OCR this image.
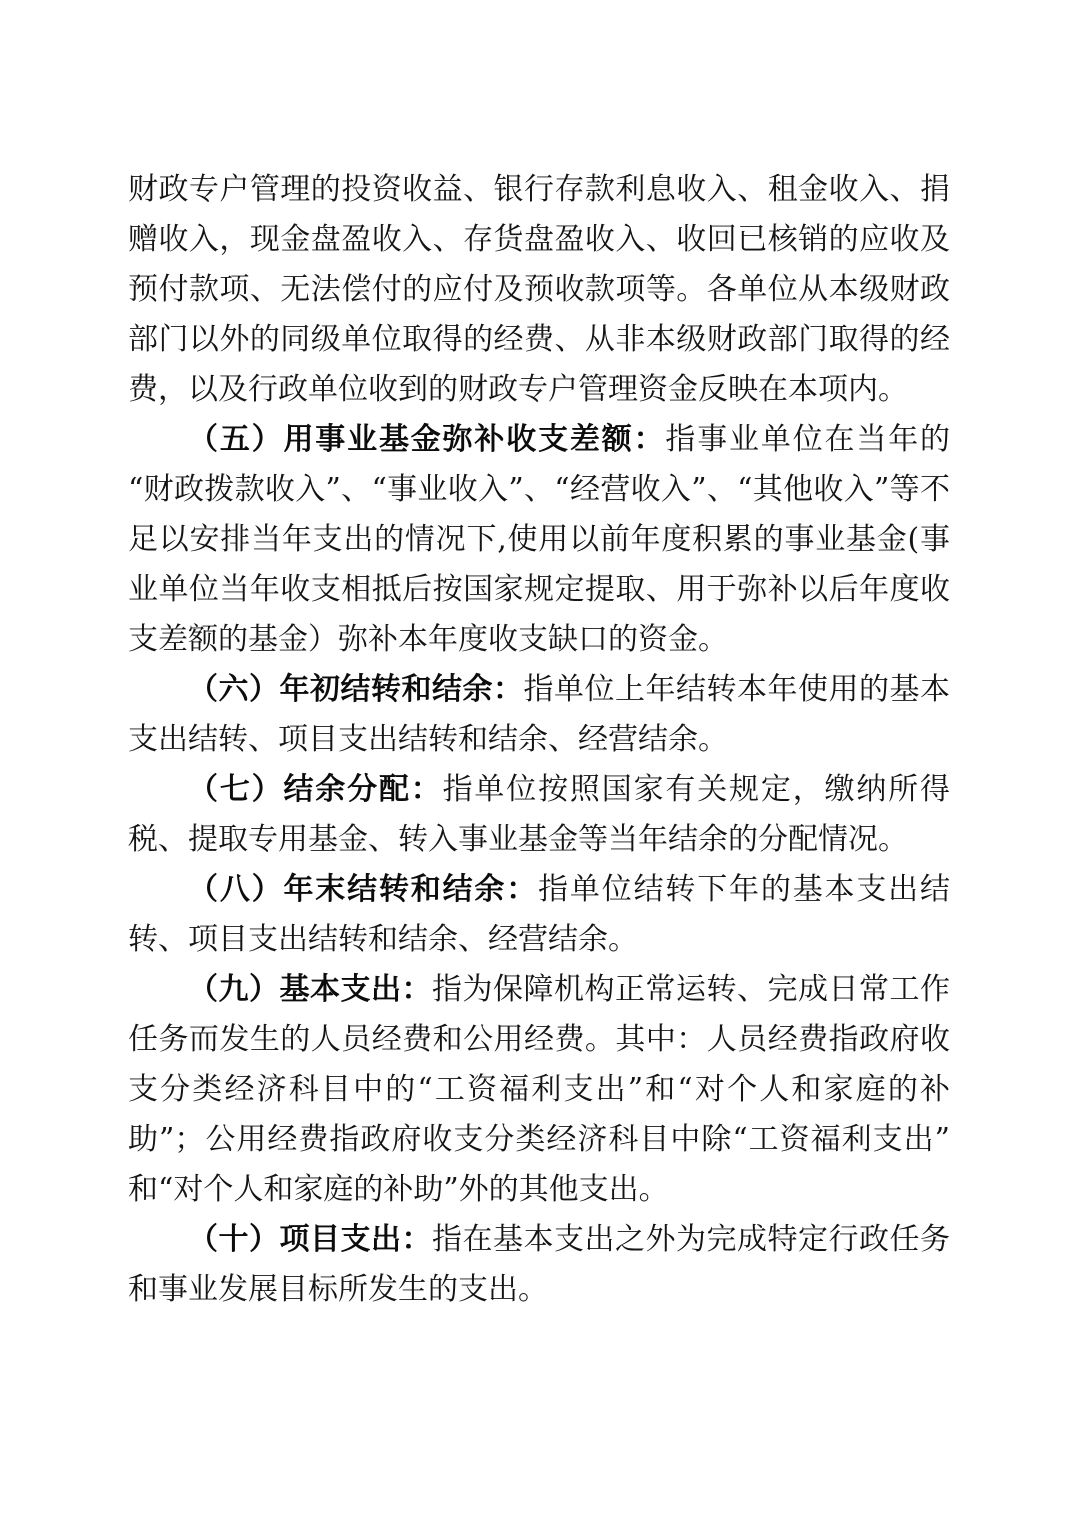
财政专户管理的投资收益、银行存款利息收入、租金收入、捐赠收入，现金盘盈收入、存货盘盈收入、收回已核销的应收及预付款项、无法偿付的应付及预收款项等。各单位从本级财政部门以外的同级单位取得的经费、从非本级财政部门取得的经费，以及行政单位收到的财政专户管理资金反映在本项内。

（五）用事业基金弥补收支差额：指事业单位在当年的“财政拨款收入”、“事业收入”、“经营收入”、“其他收入”等不足以安排当年支出的情况下,使用以前年度积累的事业基金(事业单位当年收支相抵后按国家规定提取、用于弥补以后年度收支差额的基金）弥补本年度收支缺口的资金。

（六）年初结转和结余：指单位上年结转本年使用的基本支出结转、项目支出结转和结余、经营结余。

（七）结余分配：指单位按照国家有关规定，缴纳所得税、提取专用基金、转入事业基金等当年结余的分配情况。

（八）年末结转和结余：指单位结转下年的基本支出结转、项目支出结转和结余、经营结余。

（九）基本支出：指为保障机构正常运转、完成日常工作任务而发生的人员经费和公用经费。其中：人员经费指政府收支分类经济科目中的“工资福利支出”和“对个人和家庭的补助”；公用经费指政府收支分类经济科目中除“工资福利支出”和“对个人和家庭的补助”外的其他支出。

（十）项目支出：指在基本支出之外为完成特定行政任务和事业发展目标所发生的支出。
